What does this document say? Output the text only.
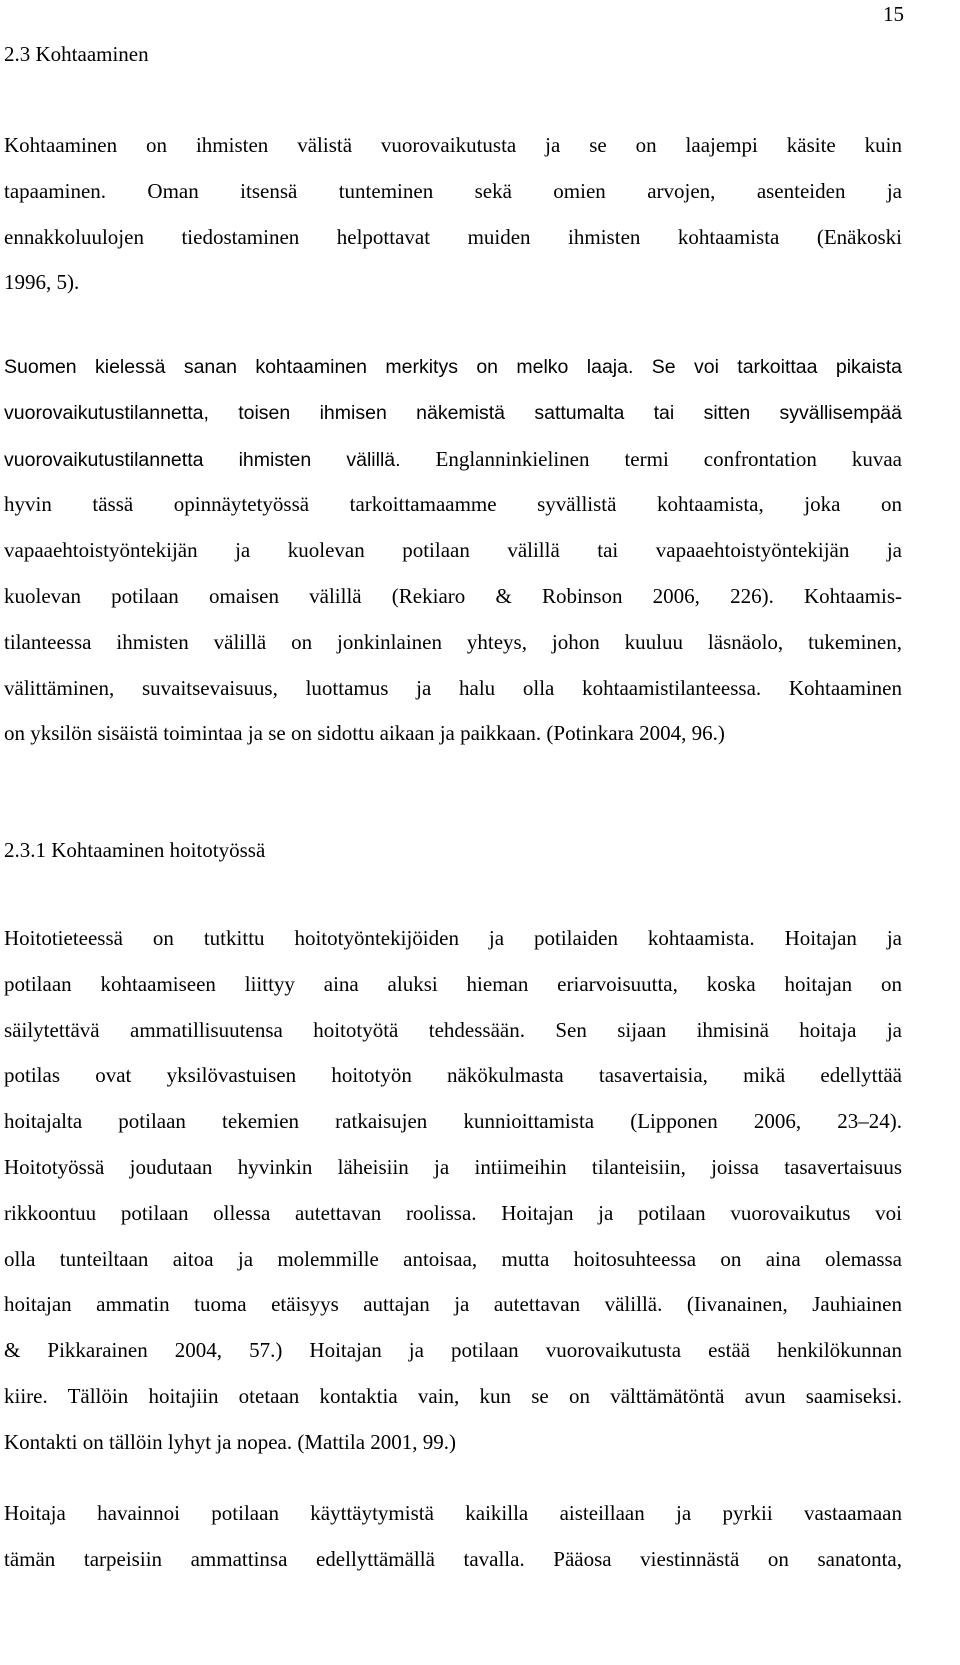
15
2.3 Kohtaaminen
Kohtaaminen on ihmisten välistä vuorovaikutusta ja se on laajempi käsite kuin
tapaaminen. Oman itsensä tunteminen sekä omien arvojen, asenteiden ja
ennakkoluulojen tiedostaminen helpottavat muiden ihmisten kohtaamista (Enäkoski
1996, 5).
Suomen kielessä sanan kohtaaminen merkitys on melko laaja. Se voi tarkoittaa pikaista
vuorovaikutustilannetta, toisen ihmisen näkemistä sattumalta tai sitten syvällisempää
vuorovaikutustilannetta ihmisten välillä. Englanninkielinen termi confrontation kuvaa
hyvin tässä opinnäytetyössä tarkoittamaamme syvällistä kohtaamista, joka on
vapaaehtoistyöntekijän ja kuolevan potilaan välillä tai vapaaehtoistyöntekijän ja
kuolevan potilaan omaisen välillä (Rekiaro & Robinson 2006, 226). Kohtaamis-
tilanteessa ihmisten välillä on jonkinlainen yhteys, johon kuuluu läsnäolo, tukeminen,
välittäminen, suvaitsevaisuus, luottamus ja halu olla kohtaamistilanteessa. Kohtaaminen
on yksilön sisäistä toimintaa ja se on sidottu aikaan ja paikkaan. (Potinkara 2004, 96.)
2.3.1 Kohtaaminen hoitotyössä
Hoitotieteessä on tutkittu hoitotyöntekijöiden ja potilaiden kohtaamista. Hoitajan ja
potilaan kohtaamiseen liittyy aina aluksi hieman eriarvoisuutta, koska hoitajan on
säilytettävä ammatillisuutensa hoitotyötä tehdessään. Sen sijaan ihmisinä hoitaja ja
potilas ovat yksilövastuisen hoitotyön näkökulmasta tasavertaisia, mikä edellyttää
hoitajalta potilaan tekemien ratkaisujen kunnioittamista (Lipponen 2006, 23–24).
Hoitotyössä joudutaan hyvinkin läheisiin ja intiimeihin tilanteisiin, joissa tasavertaisuus
rikkoontuu potilaan ollessa autettavan roolissa. Hoitajan ja potilaan vuorovaikutus voi
olla tunteiltaan aitoa ja molemmille antoisaa, mutta hoitosuhteessa on aina olemassa
hoitajan ammatin tuoma etäisyys auttajan ja autettavan välillä. (Iivanainen, Jauhiainen
& Pikkarainen 2004, 57.) Hoitajan ja potilaan vuorovaikutusta estää henkilökunnan
kiire. Tällöin hoitajiin otetaan kontaktia vain, kun se on välttämätöntä avun saamiseksi.
Kontakti on tällöin lyhyt ja nopea. (Mattila 2001, 99.)
Hoitaja havainnoi potilaan käyttäytymistä kaikilla aisteillaan ja pyrkii vastaamaan
tämän tarpeisiin ammattinsa edellyttämällä tavalla. Pääosa viestinnästä on sanatonta,
